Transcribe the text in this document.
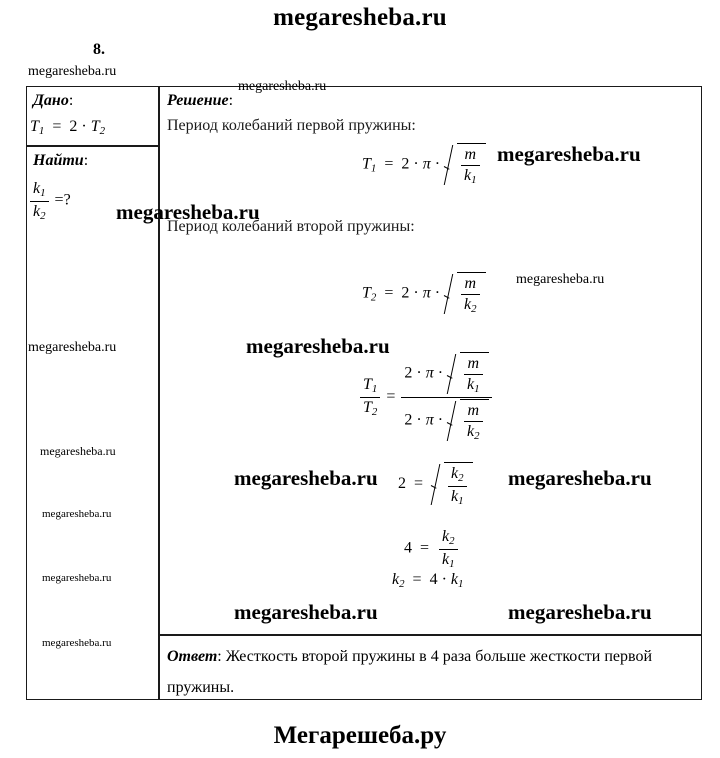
megaresheba.ru
8.
Дано:
$T_1 = 2 \cdot T_2$
Найти:
$\frac{k_1}{k_2}$ =?
Решение:
Период колебаний первой пружины:
$T_1 = 2 \cdot \pi \cdot \frac{m}{k_1}$
Период колебаний второй пружины:
$T_2 = 2 \cdot \pi \cdot \frac{m}{k_2}$
$\frac{T_1}{T_2}$ =
$2 \cdot \pi \cdot \frac{m}{k_1}$
$2 \cdot \pi \cdot \frac{m}{k_2}$
$2 = \frac{k_2}{k_1}$
$4 = \frac{k_2}{k_1}$
$k_2 = 4 \cdot k_1$
Ответ: Жесткость второй пружины в 4 раза больше жесткости первой пружины.
Мегарешеба.ру
megaresheba.ru
megaresheba.ru
megaresheba.ru
megaresheba.ru
megaresheba.ru
megaresheba.ru	megaresheba.ru
megaresheba.ru
megaresheba.ru	megaresheba.ru
megaresheba.ru
megaresheba.ru
megaresheba.ru	megaresheba.ru
megaresheba.ru
